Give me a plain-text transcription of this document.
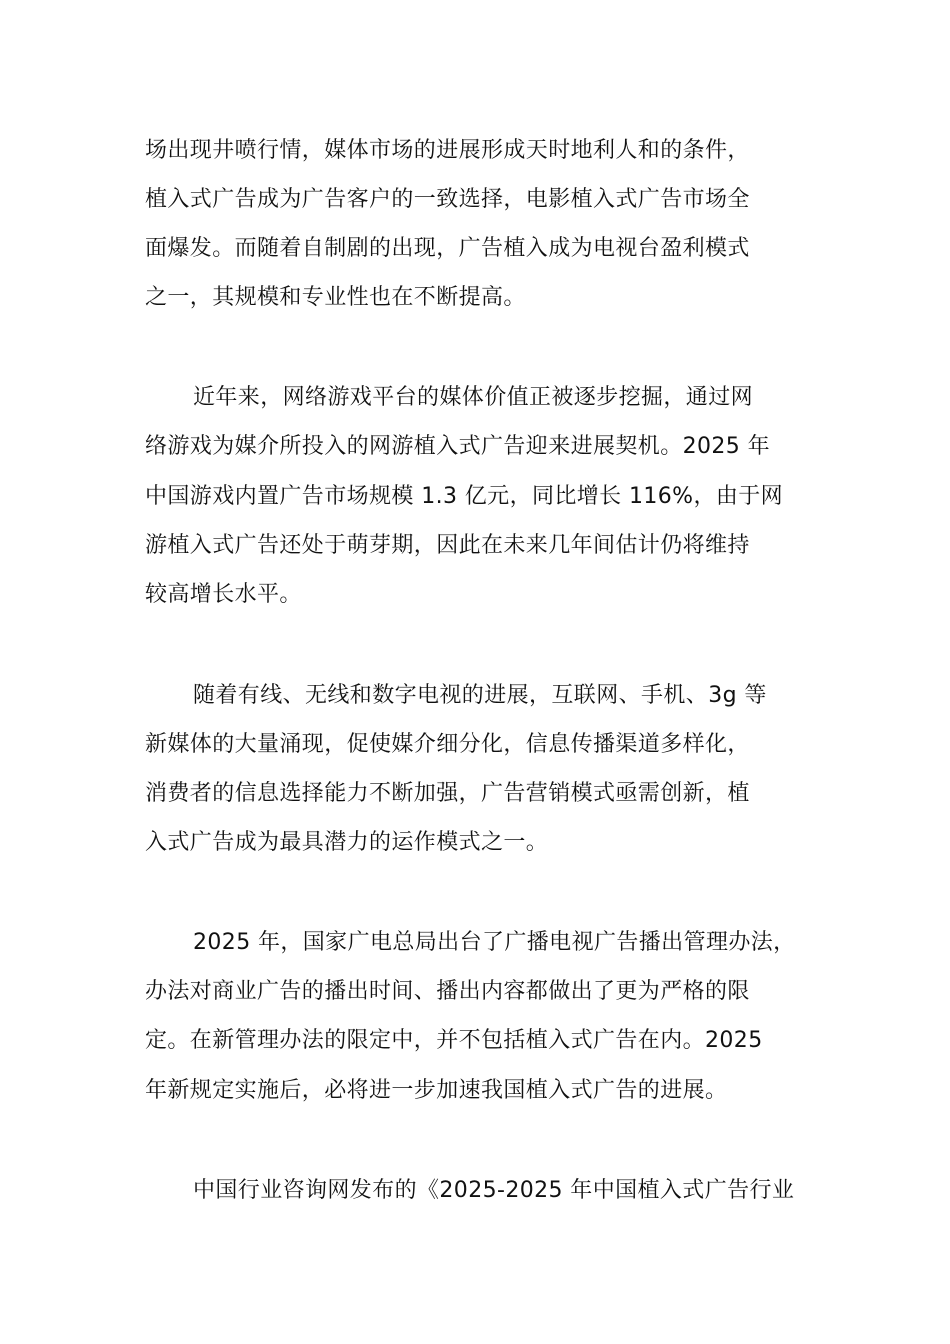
场出现井喷行情，媒体市场的进展形成天时地利人和的条件，
植入式广告成为广告客户的一致选择，电影植入式广告市场全
面爆发。而随着自制剧的出现，广告植入成为电视台盈利模式
之一，其规模和专业性也在不断提高。
近年来，网络游戏平台的媒体价值正被逐步挖掘，通过网
络游戏为媒介所投入的网游植入式广告迎来进展契机。2025 年
中国游戏内置广告市场规模 1.3 亿元，同比增长 116%，由于网
游植入式广告还处于萌芽期，因此在未来几年间估计仍将维持
较高增长水平。
随着有线、无线和数字电视的进展，互联网、手机、3g 等
新媒体的大量涌现，促使媒介细分化，信息传播渠道多样化，
消费者的信息选择能力不断加强，广告营销模式亟需创新，植
入式广告成为最具潜力的运作模式之一。
2025 年，国家广电总局出台了广播电视广告播出管理办法，
办法对商业广告的播出时间、播出内容都做出了更为严格的限
定。在新管理办法的限定中，并不包括植入式广告在内。2025
年新规定实施后，必将进一步加速我国植入式广告的进展。
中国行业咨询网发布的《2025-2025 年中国植入式广告行业
